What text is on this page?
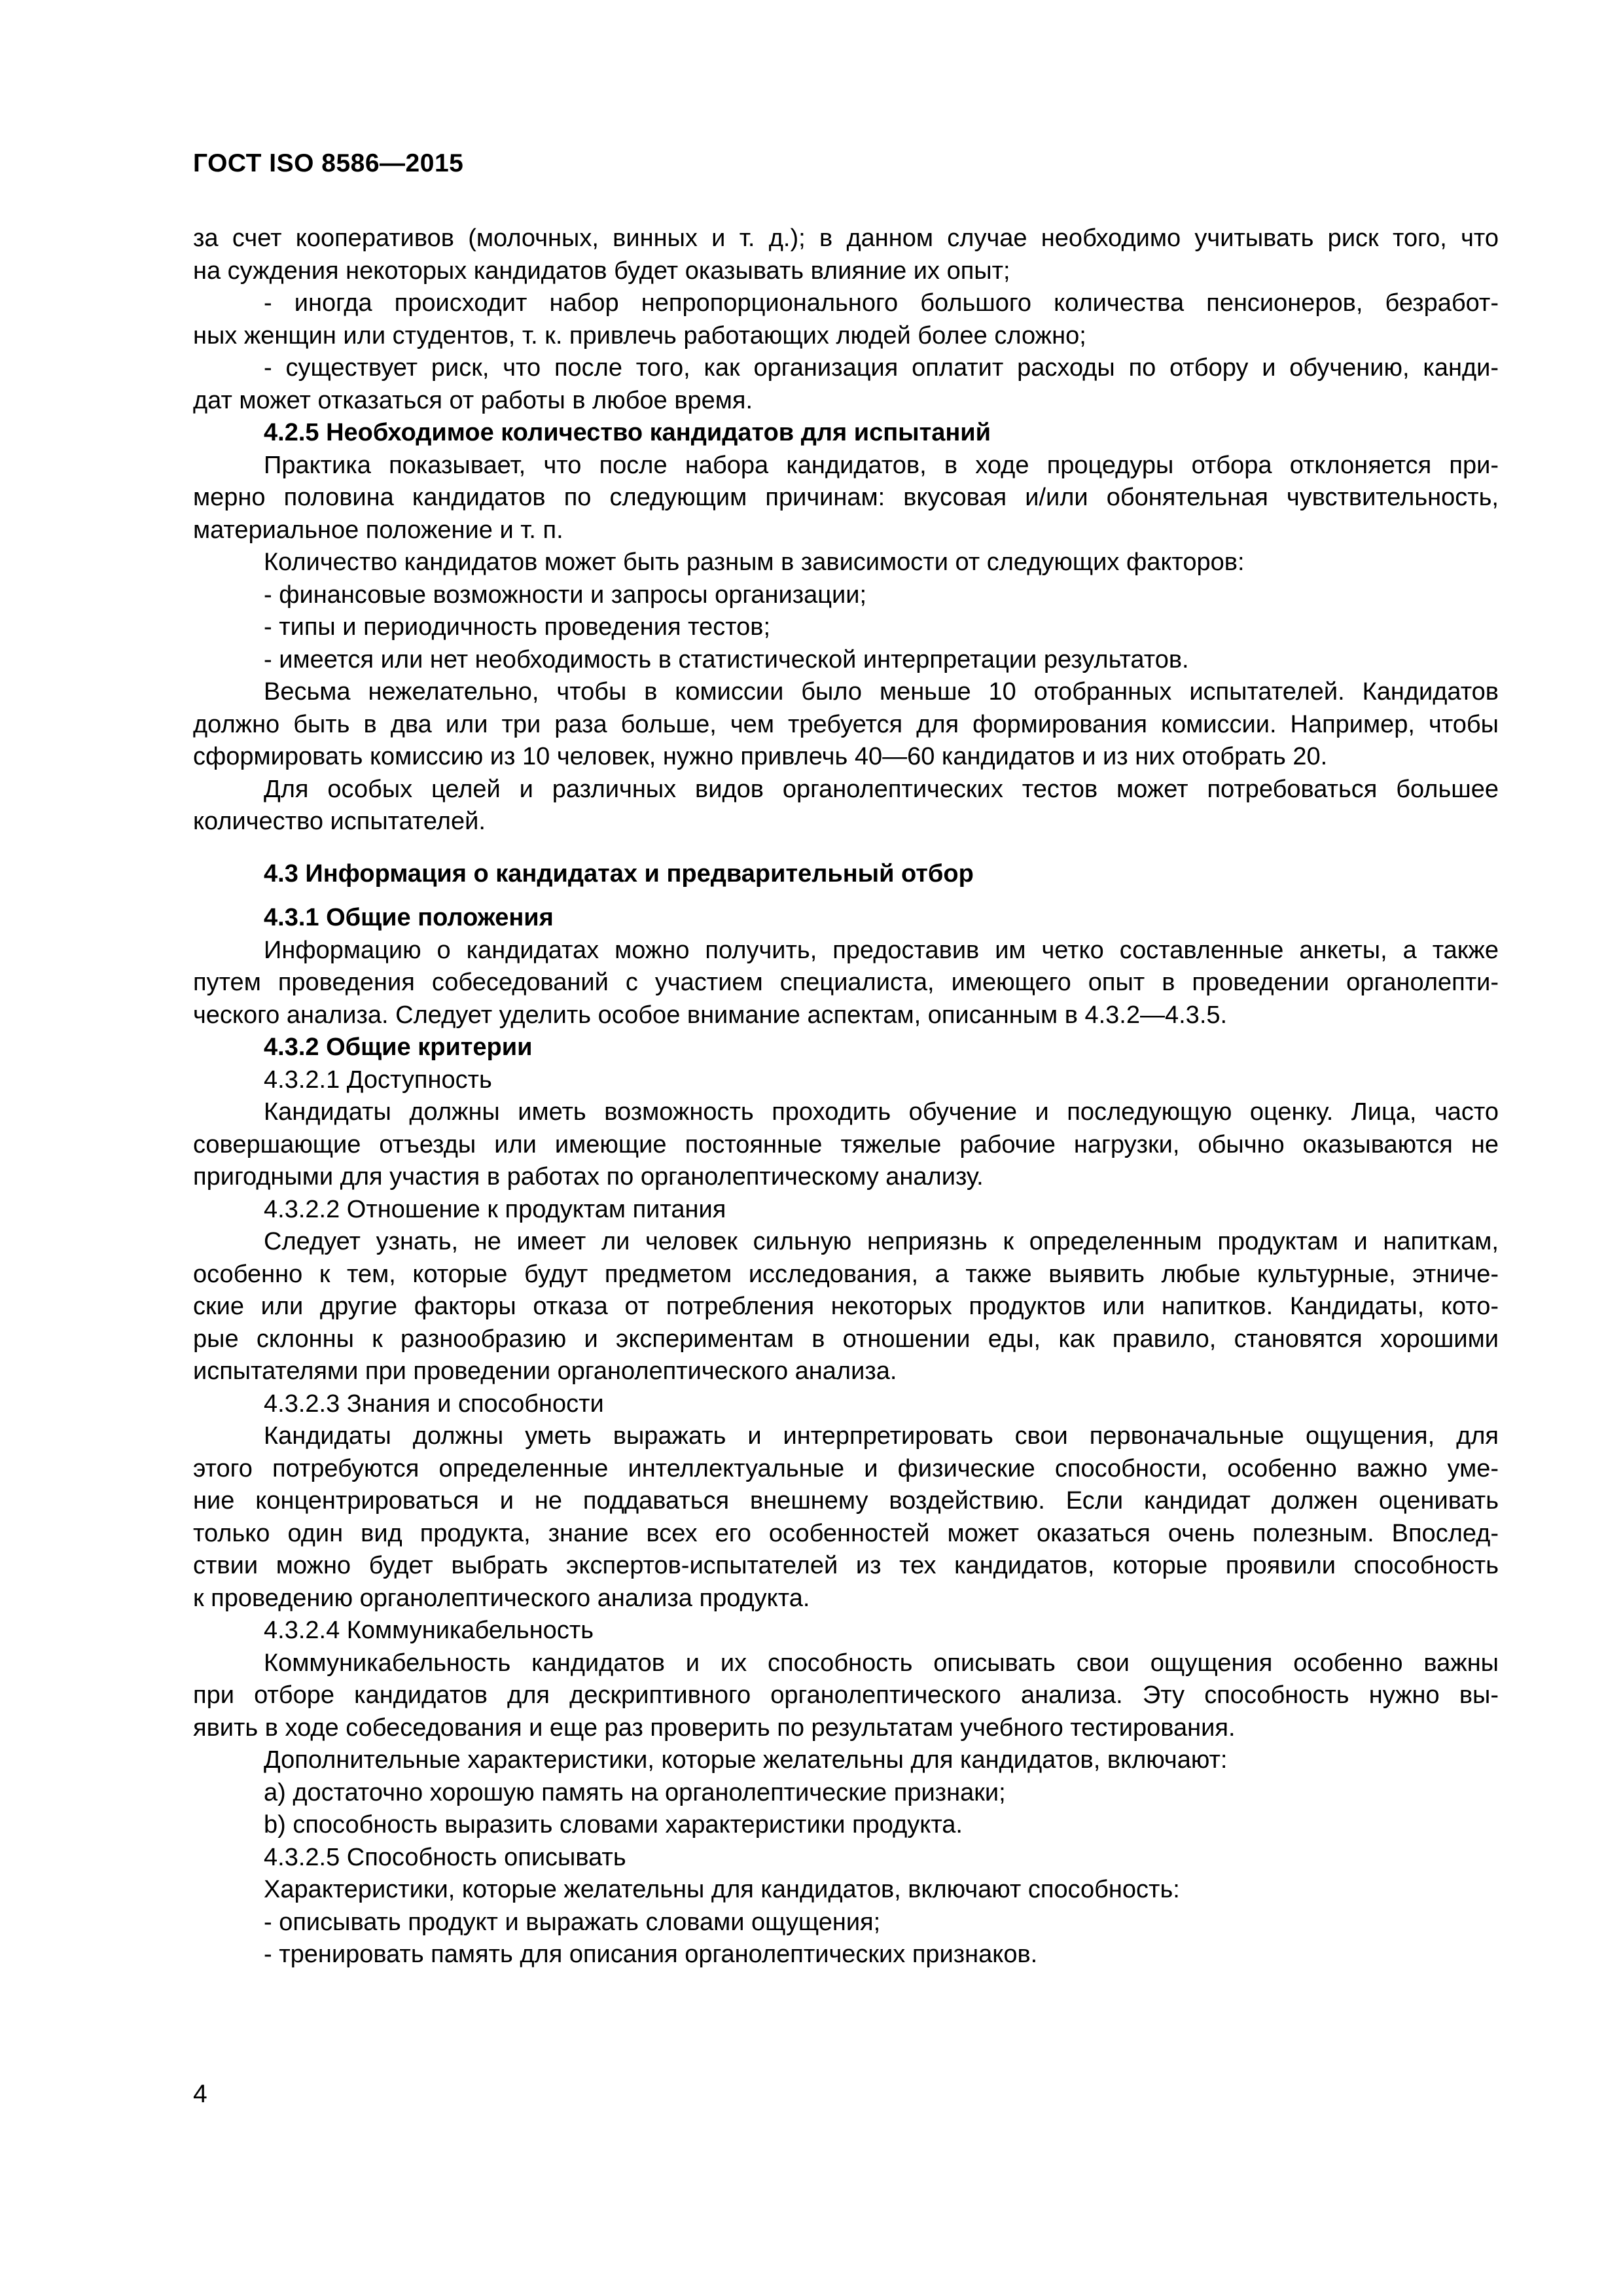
ГОСТ ISO 8586—2015
за счет кооперативов (молочных, винных и т. д.); в данном случае необходимо учитывать риск того, что
на суждения некоторых кандидатов будет оказывать влияние их опыт;
- иногда происходит набор непропорционального большого количества пенсионеров, безработ-
ных женщин или студентов, т. к. привлечь работающих людей более сложно;
- существует риск, что после того, как организация оплатит расходы по отбору и обучению, канди-
дат может отказаться от работы в любое время.
4.2.5 Необходимое количество кандидатов для испытаний
Практика показывает, что после набора кандидатов, в ходе процедуры отбора отклоняется при-
мерно половина кандидатов по следующим причинам: вкусовая и/или обонятельная чувствительность,
материальное положение и т. п.
Количество кандидатов может быть разным в зависимости от следующих факторов:
- финансовые возможности и запросы организации;
- типы и периодичность проведения тестов;
- имеется или нет необходимость в статистической интерпретации результатов.
Весьма нежелательно, чтобы в комиссии было меньше 10 отобранных испытателей. Кандидатов
должно быть в два или три раза больше, чем требуется для формирования комиссии. Например, чтобы
сформировать комиссию из 10 человек, нужно привлечь 40—60 кандидатов и из них отобрать 20.
Для особых целей и различных видов органолептических тестов может потребоваться большее
количество испытателей.
4.3 Информация о кандидатах и предварительный отбор
4.3.1 Общие положения
Информацию о кандидатах можно получить, предоставив им четко составленные анкеты, а также
путем проведения собеседований с участием специалиста, имеющего опыт в проведении органолепти-
ческого анализа. Следует уделить особое внимание аспектам, описанным в 4.3.2—4.3.5.
4.3.2 Общие критерии
4.3.2.1 Доступность
Кандидаты должны иметь возможность проходить обучение и последующую оценку. Лица, часто
совершающие отъезды или имеющие постоянные тяжелые рабочие нагрузки, обычно оказываются не
пригодными для участия в работах по органолептическому анализу.
4.3.2.2 Отношение к продуктам питания
Следует узнать, не имеет ли человек сильную неприязнь к определенным продуктам и напиткам,
особенно к тем, которые будут предметом исследования, а также выявить любые культурные, этниче-
ские или другие факторы отказа от потребления некоторых продуктов или напитков. Кандидаты, кото-
рые склонны к разнообразию и экспериментам в отношении еды, как правило, становятся хорошими
испытателями при проведении органолептического анализа.
4.3.2.3 Знания и способности
Кандидаты должны уметь выражать и интерпретировать свои первоначальные ощущения, для
этого потребуются определенные интеллектуальные и физические способности, особенно важно уме-
ние концентрироваться и не поддаваться внешнему воздействию. Если кандидат должен оценивать
только один вид продукта, знание всех его особенностей может оказаться очень полезным. Впослед-
ствии можно будет выбрать экспертов-испытателей из тех кандидатов, которые проявили способность
к проведению органолептического анализа продукта.
4.3.2.4 Коммуникабельность
Коммуникабельность кандидатов и их способность описывать свои ощущения особенно важны
при отборе кандидатов для дескриптивного органолептического анализа. Эту способность нужно вы-
явить в ходе собеседования и еще раз проверить по результатам учебного тестирования.
Дополнительные характеристики, которые желательны для кандидатов, включают:
a) достаточно хорошую память на органолептические признаки;
b) способность выразить словами характеристики продукта.
4.3.2.5 Способность описывать
Характеристики, которые желательны для кандидатов, включают способность:
- описывать продукт и выражать словами ощущения;
- тренировать память для описания органолептических признаков.
4
